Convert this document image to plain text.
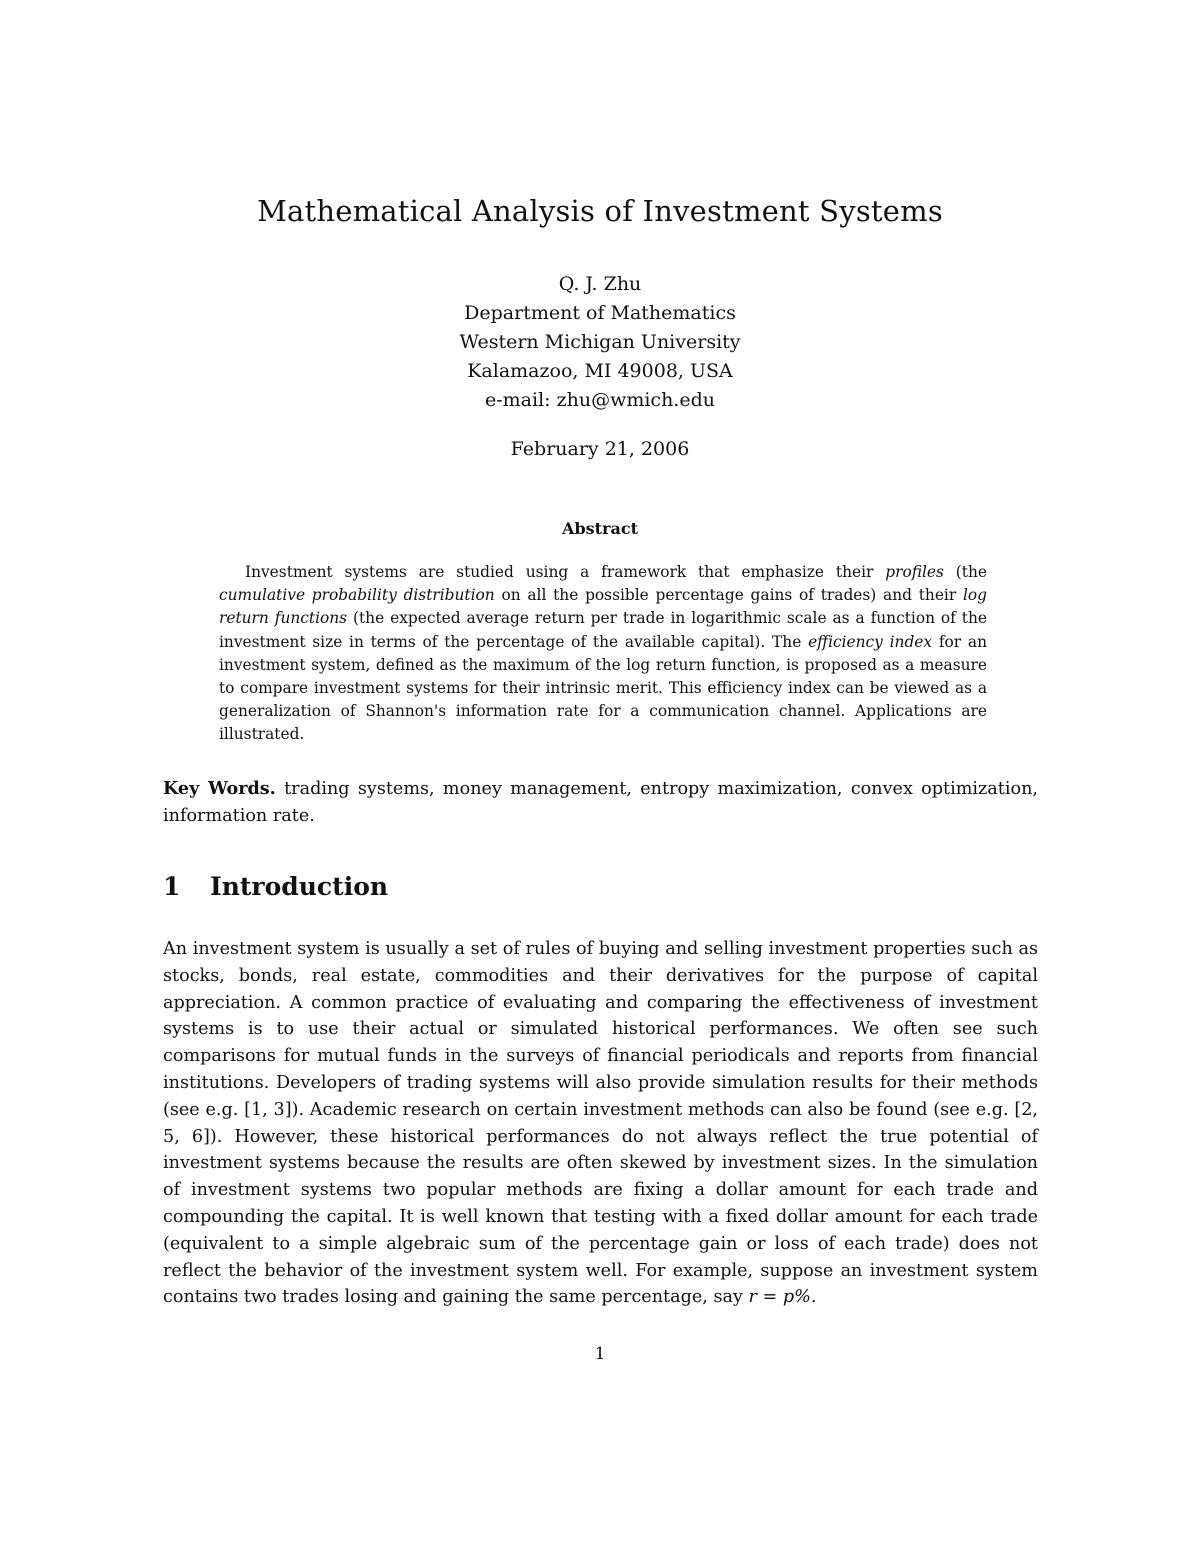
Mathematical Analysis of Investment Systems
Q. J. Zhu
Department of Mathematics
Western Michigan University
Kalamazoo, MI 49008, USA
e-mail: zhu@wmich.edu
February 21, 2006
Abstract

Investment systems are studied using a framework that emphasize their profiles (the cumulative probability distribution on all the possible percentage gains of trades) and their log return functions (the expected average return per trade in logarithmic scale as a function of the investment size in terms of the percentage of the available capital). The efficiency index for an investment system, defined as the maximum of the log return function, is proposed as a measure to compare investment systems for their intrinsic merit. This efficiency index can be viewed as a generalization of Shannon's information rate for a communication channel. Applications are illustrated.

Key Words. trading systems, money management, entropy maximization, convex optimization, information rate.

1 Introduction

An investment system is usually a set of rules of buying and selling investment properties such as stocks, bonds, real estate, commodities and their derivatives for the purpose of capital appreciation. A common practice of evaluating and comparing the effectiveness of investment systems is to use their actual or simulated historical performances. We often see such comparisons for mutual funds in the surveys of financial periodicals and reports from financial institutions. Developers of trading systems will also provide simulation results for their methods (see e.g. [1, 3]). Academic research on certain investment methods can also be found (see e.g. [2, 5, 6]). However, these historical performances do not always reflect the true potential of investment systems because the results are often skewed by investment sizes. In the simulation of investment systems two popular methods are fixing a dollar amount for each trade and compounding the capital. It is well known that testing with a fixed dollar amount for each trade (equivalent to a simple algebraic sum of the percentage gain or loss of each trade) does not reflect the behavior of the investment system well. For example, suppose an investment system contains two trades losing and gaining the same percentage, say r = p%.

1
